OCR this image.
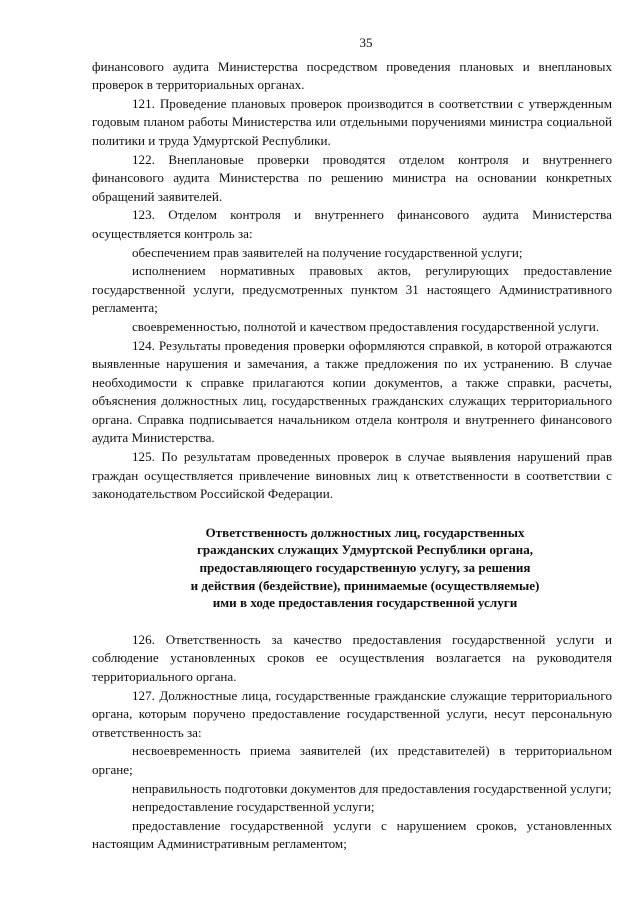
35

финансового аудита Министерства посредством проведения плановых и внеплановых проверок в территориальных органах.

121. Проведение плановых проверок производится в соответствии с утвержденным годовым планом работы Министерства или отдельными поручениями министра социальной политики и труда Удмуртской Республики.

122. Внеплановые проверки проводятся отделом контроля и внутреннего финансового аудита Министерства по решению министра на основании конкретных обращений заявителей.

123. Отделом контроля и внутреннего финансового аудита Министерства осуществляется контроль за:

обеспечением прав заявителей на получение государственной услуги;

исполнением нормативных правовых актов, регулирующих предоставление государственной услуги, предусмотренных пунктом 31 настоящего Административного регламента;

своевременностью, полнотой и качеством предоставления государственной услуги.

124. Результаты проведения проверки оформляются справкой, в которой отражаются выявленные нарушения и замечания, а также предложения по их устранению. В случае необходимости к справке прилагаются копии документов, а также справки, расчеты, объяснения должностных лиц, государственных гражданских служащих территориального органа. Справка подписывается начальником отдела контроля и внутреннего финансового аудита Министерства.

125. По результатам проведенных проверок в случае выявления нарушений прав граждан осуществляется привлечение виновных лиц к ответственности в соответствии с законодательством Российской Федерации.

Ответственность должностных лиц, государственных
гражданских служащих Удмуртской Республики органа,
предоставляющего государственную услугу, за решения
и действия (бездействие), принимаемые (осуществляемые)
ими в ходе предоставления государственной услуги

126. Ответственность за качество предоставления государственной услуги и соблюдение установленных сроков ее осуществления возлагается на руководителя территориального органа.

127. Должностные лица, государственные гражданские служащие территориального органа, которым поручено предоставление государственной услуги, несут персональную ответственность за:

несвоевременность приема заявителей (их представителей) в территориальном органе;

неправильность подготовки документов для предоставления государственной услуги;

непредоставление государственной услуги;

предоставление государственной услуги с нарушением сроков, установленных настоящим Административным регламентом;
